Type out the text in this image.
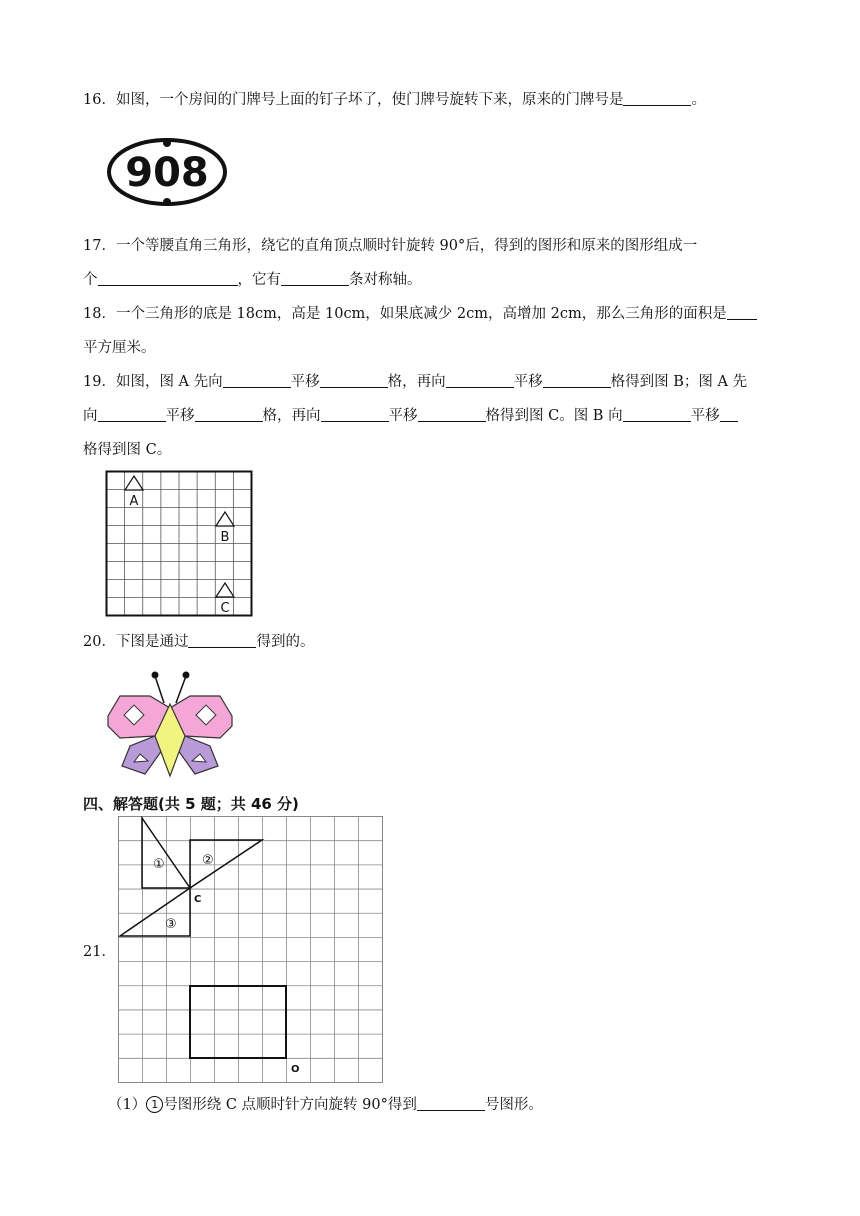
16．如图，一个房间的门牌号上面的钉子坏了，使门牌号旋转下来，原来的门牌号是	。
908
17．一个等腰直角三角形，绕它的直角顶点顺时针旋转 90°后，得到的图形和原来的图形组成一
个	，它有	条对称轴。
18．一个三角形的底是 18cm，高是 10cm，如果底减少 2cm，高增加 2cm，那么三角形的面积是
平方厘米。
19．如图，图 A 先向	平移	格，再向	平移	格得到图 B；图 A 先
向	平移	格，再向	平移	格得到图 C。图 B 向	平移
格得到图 C。
A
B
C
20．下图是通过	得到的。
四、解答题(共 5 题；共 46 分)
21．
①	②
③
C
O
（1） 1 号图形绕 C 点顺时针方向旋转 90°得到	号图形。
